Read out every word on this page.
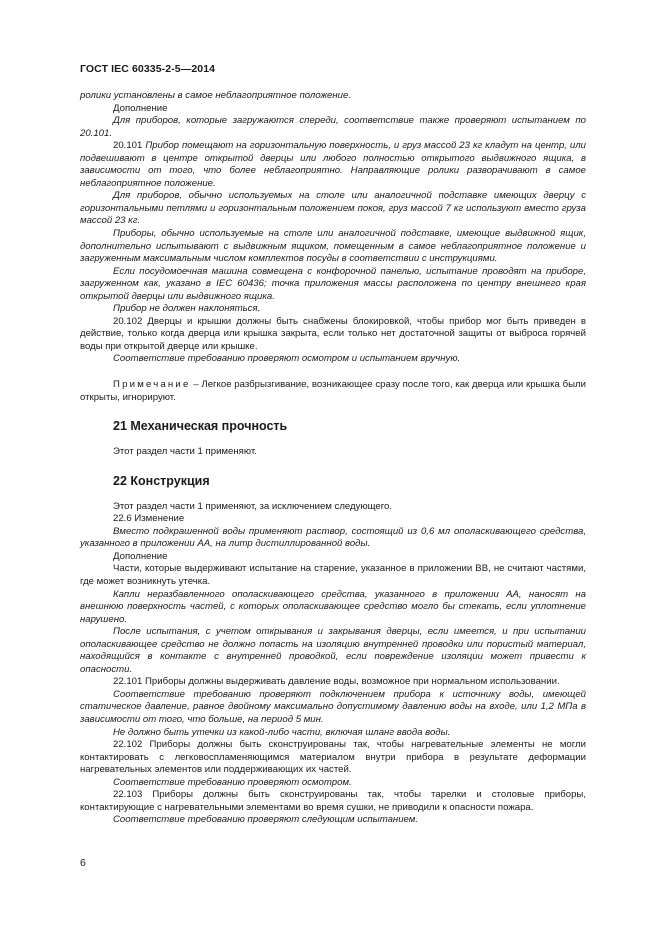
ГОСТ IEC 60335-2-5—2014

ролики установлены в самое неблагоприятное положение.

Дополнение

Для приборов, которые загружаются спереди, соответствие также проверяют испытанием по 20.101.

20.101 Прибор помещают на горизонтальную поверхность, и груз массой 23 кг кладут на центр, или подвешивают в центре открытой дверцы или любого полностью открытого выдвижного ящика, в зависимости от того, что более неблагоприятно. Направляющие ролики разворачивают в самое неблагоприятное положение.

Для приборов, обычно используемых на столе или аналогичной подставке имеющих дверцу с горизонтальными петлями и горизонтальным положением покоя, груз массой 7 кг используют вместо груза массой 23 кг.

Приборы, обычно используемые на столе или аналогичной подставке, имеющие выдвижной ящик, дополнительно испытывают с выдвижным ящиком, помещенным в самое неблагоприятное положение и загруженным максимальным числом комплектов посуды в соответствии с инструкциями.

Если посудомоечная машина совмещена с конфорочной панелью, испытание проводят на приборе, загруженном как, указано в IEC 60436; точка приложения массы расположена по центру внешнего края открытой дверцы или выдвижного ящика.

Прибор не должен наклоняться.

20.102 Дверцы и крышки должны быть снабжены блокировкой, чтобы прибор мог быть приведен в действие, только когда дверца или крышка закрыта, если только нет достаточной защиты от выброса горячей воды при открытой дверце или крышке.

Соответствие требованию проверяют осмотром и испытанием вручную.

Примечание – Легкое разбрызгивание, возникающее сразу после того, как дверца или крышка были открыты, игнорируют.

21 Механическая прочность

Этот раздел части 1 применяют.

22 Конструкция

Этот раздел части 1 применяют, за исключением следующего.

22.6 Изменение

Вместо подкрашенной воды применяют раствор, состоящий из 0,6 мл ополаскивающего средства, указанного в приложении АА, на литр дистиллированной воды.

Дополнение

Части, которые выдерживают испытание на старение, указанное в приложении ВВ, не считают частями, где может возникнуть утечка.

Капли неразбавленного ополаскивающего средства, указанного в приложении АА, наносят на внешнюю поверхность частей, с которых ополаскивающее средство могло бы стекать, если уплотнение нарушено.

После испытания, с учетом открывания и закрывания дверцы, если имеется, и при испытании ополаскивающее средство не должно попасть на изоляцию внутренней проводки или пористый материал, находящийся в контакте с внутренней проводкой, если повреждение изоляции может привести к опасности.

22.101 Приборы должны выдерживать давление воды, возможное при нормальном использовании.

Соответствие требованию проверяют подключением прибора к источнику воды, имеющей статическое давление, равное двойному максимально допустимому давлению воды на входе, или 1,2 МПа в зависимости от того, что больше, на период 5 мин.

Не должно быть утечки из какой-либо части, включая шланг ввода воды.

22.102 Приборы должны быть сконструированы так, чтобы нагревательные элементы не могли контактировать с легковоспламеняющимся материалом внутри прибора в результате деформации нагревательных элементов или поддерживающих их частей.

Соответствие требованию проверяют осмотром.

22.103 Приборы должны быть сконструированы так, чтобы тарелки и столовые приборы, контактирующие с нагревательными элементами во время сушки, не приводили к опасности пожара.

Соответствие требованию проверяют следующим испытанием.

6
